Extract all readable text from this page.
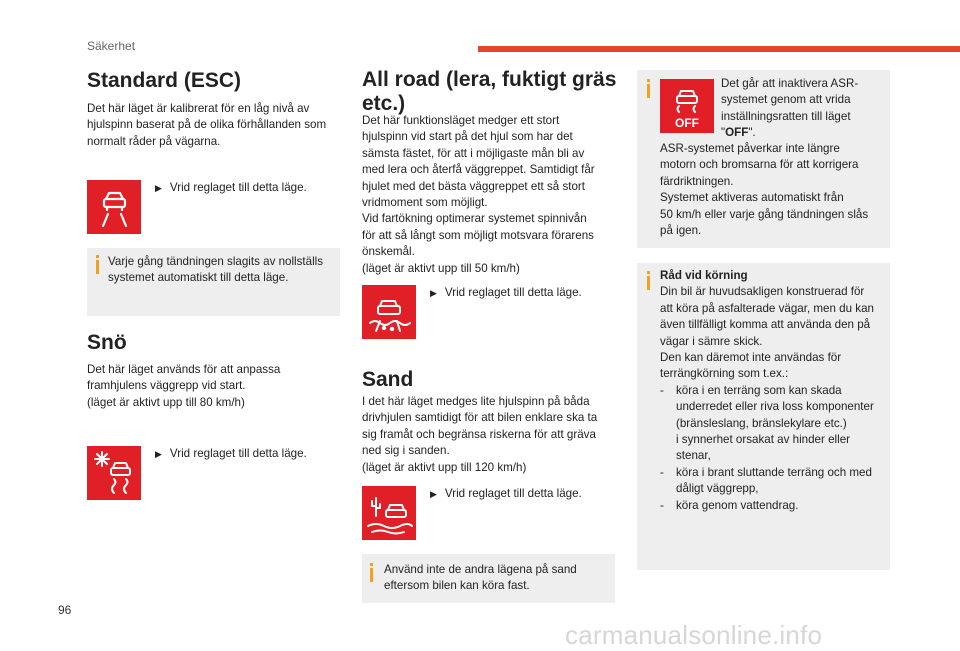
Säkerhet
Standard (ESC)
Det här läget är kalibrerat för en låg nivå av
hjulspinn baserat på de olika förhållanden som
normalt råder på vägarna.
▶ Vrid reglaget till detta läge.
Varje gång tändningen slagits av nollställs
systemet automatiskt till detta läge.
Snö
Det här läget används för att anpassa
framhjulens väggrepp vid start.
(läget är aktivt upp till 80 km/h)
▶ Vrid reglaget till detta läge.
All road (lera, fuktigt gräs
etc.)
Det här funktionsläget medger ett stort
hjulspinn vid start på det hjul som har det
sämsta fästet, för att i möjligaste mån bli av
med lera och återfå väggreppet. Samtidigt får
hjulet med det bästa väggreppet ett så stort
vridmoment som möjligt.
Vid fartökning optimerar systemet spinnivån
för att så långt som möjligt motsvara förarens
önskemål.
(läget är aktivt upp till 50 km/h)
▶ Vrid reglaget till detta läge.
Sand
I det här läget medges lite hjulspinn på båda
drivhjulen samtidigt för att bilen enklare ska ta
sig framåt och begränsa riskerna för att gräva
ned sig i sanden.
(läget är aktivt upp till 120 km/h)
▶ Vrid reglaget till detta läge.
Använd inte de andra lägena på sand
eftersom bilen kan köra fast.
OFF
Det går att inaktivera ASR-
systemet genom att vrida
inställningsratten till läget
"OFF".
ASR-systemet påverkar inte längre
motorn och bromsarna för att korrigera
färdriktningen.
Systemet aktiveras automatiskt från
50 km/h eller varje gång tändningen slås
på igen.
Råd vid körning
Din bil är huvudsakligen konstruerad för
att köra på asfalterade vägar, men du kan
även tillfälligt komma att använda den på
vägar i sämre skick.
Den kan däremot inte användas för
terrängkörning som t.ex.:
- köra i en terräng som kan skada
underredet eller riva loss komponenter
(bränsleslang, bränslekylare etc.)
i synnerhet orsakat av hinder eller
stenar,
- köra i brant sluttande terräng och med
dåligt väggrepp,
- köra genom vattendrag.
96
carmanualsonline.info
